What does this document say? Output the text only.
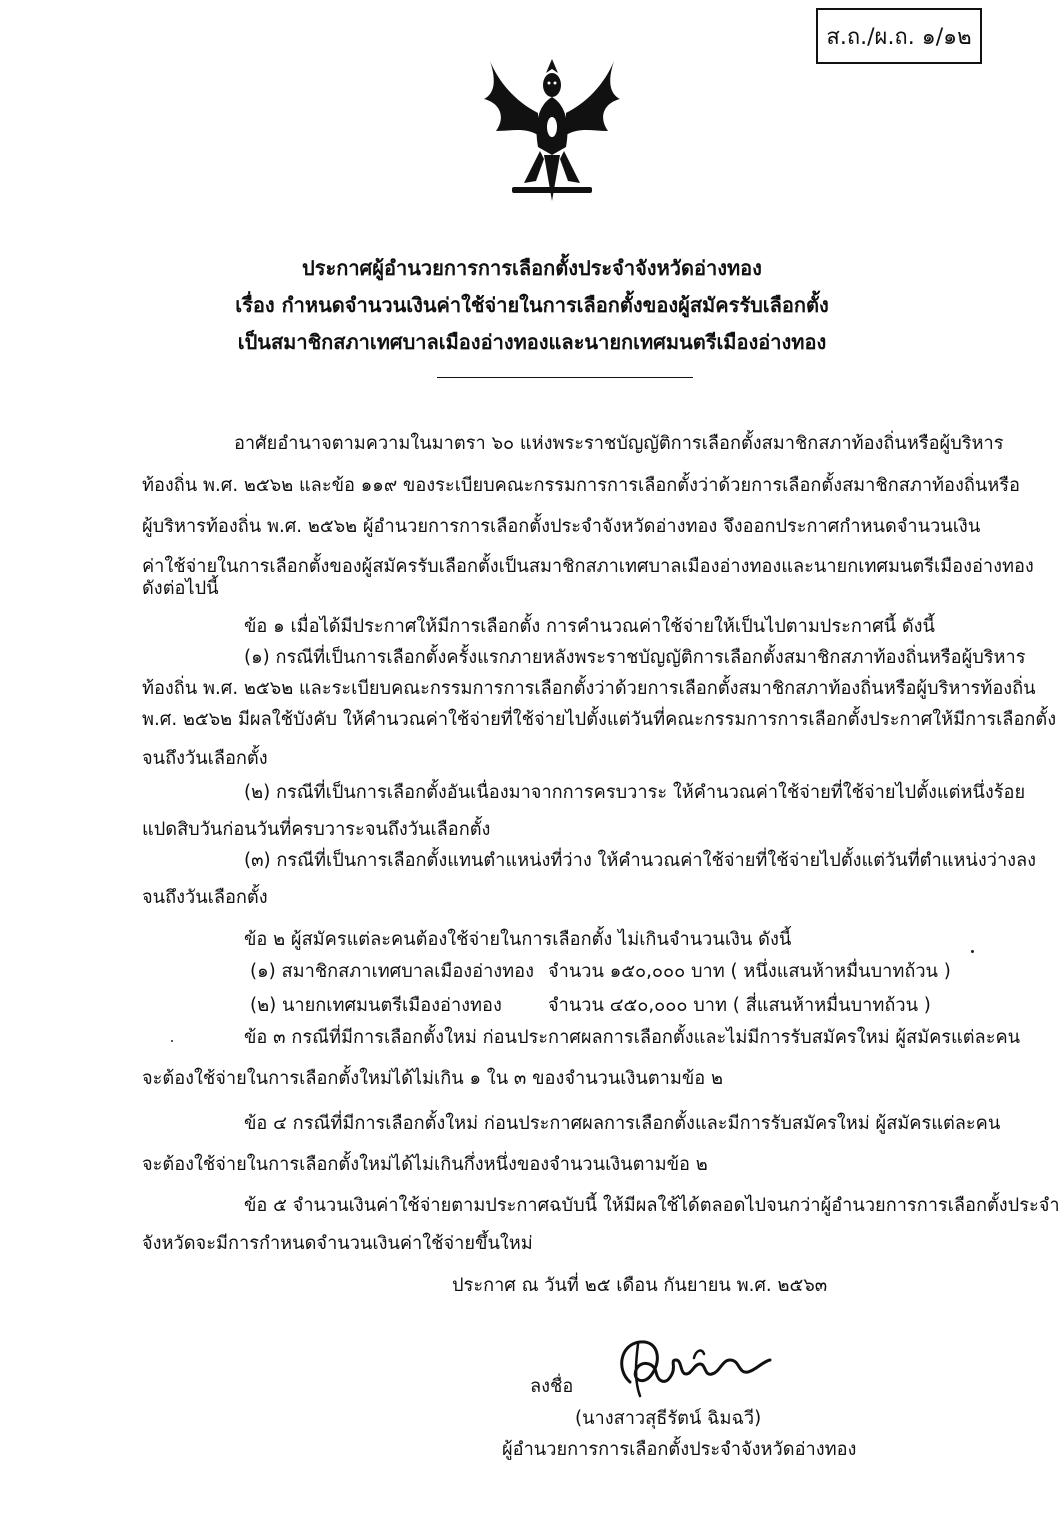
ส.ถ./ผ.ถ. ๑/๑๒
ประกาศผู้อำนวยการการเลือกตั้งประจำจังหวัดอ่างทอง
เรื่อง กำหนดจำนวนเงินค่าใช้จ่ายในการเลือกตั้งของผู้สมัครรับเลือกตั้ง
เป็นสมาชิกสภาเทศบาลเมืองอ่างทองและนายกเทศมนตรีเมืองอ่างทอง
อาศัยอำนาจตามความในมาตรา ๖๐ แห่งพระราชบัญญัติการเลือกตั้งสมาชิกสภาท้องถิ่นหรือผู้บริหาร
ท้องถิ่น พ.ศ. ๒๕๖๒ และข้อ ๑๑๙ ของระเบียบคณะกรรมการการเลือกตั้งว่าด้วยการเลือกตั้งสมาชิกสภาท้องถิ่นหรือ
ผู้บริหารท้องถิ่น พ.ศ. ๒๕๖๒ ผู้อำนวยการการเลือกตั้งประจำจังหวัดอ่างทอง จึงออกประกาศกำหนดจำนวนเงิน
ค่าใช้จ่ายในการเลือกตั้งของผู้สมัครรับเลือกตั้งเป็นสมาชิกสภาเทศบาลเมืองอ่างทองและนายกเทศมนตรีเมืองอ่างทอง
ดังต่อไปนี้
ข้อ ๑ เมื่อได้มีประกาศให้มีการเลือกตั้ง การคำนวณค่าใช้จ่ายให้เป็นไปตามประกาศนี้ ดังนี้
(๑) กรณีที่เป็นการเลือกตั้งครั้งแรกภายหลังพระราชบัญญัติการเลือกตั้งสมาชิกสภาท้องถิ่นหรือผู้บริหาร
ท้องถิ่น พ.ศ. ๒๕๖๒ และระเบียบคณะกรรมการการเลือกตั้งว่าด้วยการเลือกตั้งสมาชิกสภาท้องถิ่นหรือผู้บริหารท้องถิ่น
พ.ศ. ๒๕๖๒ มีผลใช้บังคับ ให้คำนวณค่าใช้จ่ายที่ใช้จ่ายไปตั้งแต่วันที่คณะกรรมการการเลือกตั้งประกาศให้มีการเลือกตั้ง
จนถึงวันเลือกตั้ง
(๒) กรณีที่เป็นการเลือกตั้งอันเนื่องมาจากการครบวาระ ให้คำนวณค่าใช้จ่ายที่ใช้จ่ายไปตั้งแต่หนึ่งร้อย
แปดสิบวันก่อนวันที่ครบวาระจนถึงวันเลือกตั้ง
(๓) กรณีที่เป็นการเลือกตั้งแทนตำแหน่งที่ว่าง ให้คำนวณค่าใช้จ่ายที่ใช้จ่ายไปตั้งแต่วันที่ตำแหน่งว่างลง
จนถึงวันเลือกตั้ง
ข้อ ๒ ผู้สมัครแต่ละคนต้องใช้จ่ายในการเลือกตั้ง ไม่เกินจำนวนเงิน ดังนี้
(๑) สมาชิกสภาเทศบาลเมืองอ่างทอง จำนวน ๑๕๐,๐๐๐ บาท ( หนึ่งแสนห้าหมื่นบาทถ้วน )
(๒) นายกเทศมนตรีเมืองอ่างทอง	จำนวน ๔๕๐,๐๐๐ บาท ( สี่แสนห้าหมื่นบาทถ้วน )
ข้อ ๓ กรณีที่มีการเลือกตั้งใหม่ ก่อนประกาศผลการเลือกตั้งและไม่มีการรับสมัครใหม่ ผู้สมัครแต่ละคน
จะต้องใช้จ่ายในการเลือกตั้งใหม่ได้ไม่เกิน ๑ ใน ๓ ของจำนวนเงินตามข้อ ๒
ข้อ ๔ กรณีที่มีการเลือกตั้งใหม่ ก่อนประกาศผลการเลือกตั้งและมีการรับสมัครใหม่ ผู้สมัครแต่ละคน
จะต้องใช้จ่ายในการเลือกตั้งใหม่ได้ไม่เกินกึ่งหนึ่งของจำนวนเงินตามข้อ ๒
ข้อ ๕ จำนวนเงินค่าใช้จ่ายตามประกาศฉบับนี้ ให้มีผลใช้ได้ตลอดไปจนกว่าผู้อำนวยการการเลือกตั้งประจำ
จังหวัดจะมีการกำหนดจำนวนเงินค่าใช้จ่ายขึ้นใหม่
ประกาศ ณ วันที่ ๒๕ เดือน กันยายน พ.ศ. ๒๕๖๓
ลงชื่อ
(นางสาวสุธีรัตน์ ฉิมฉวี)
ผู้อำนวยการการเลือกตั้งประจำจังหวัดอ่างทอง
